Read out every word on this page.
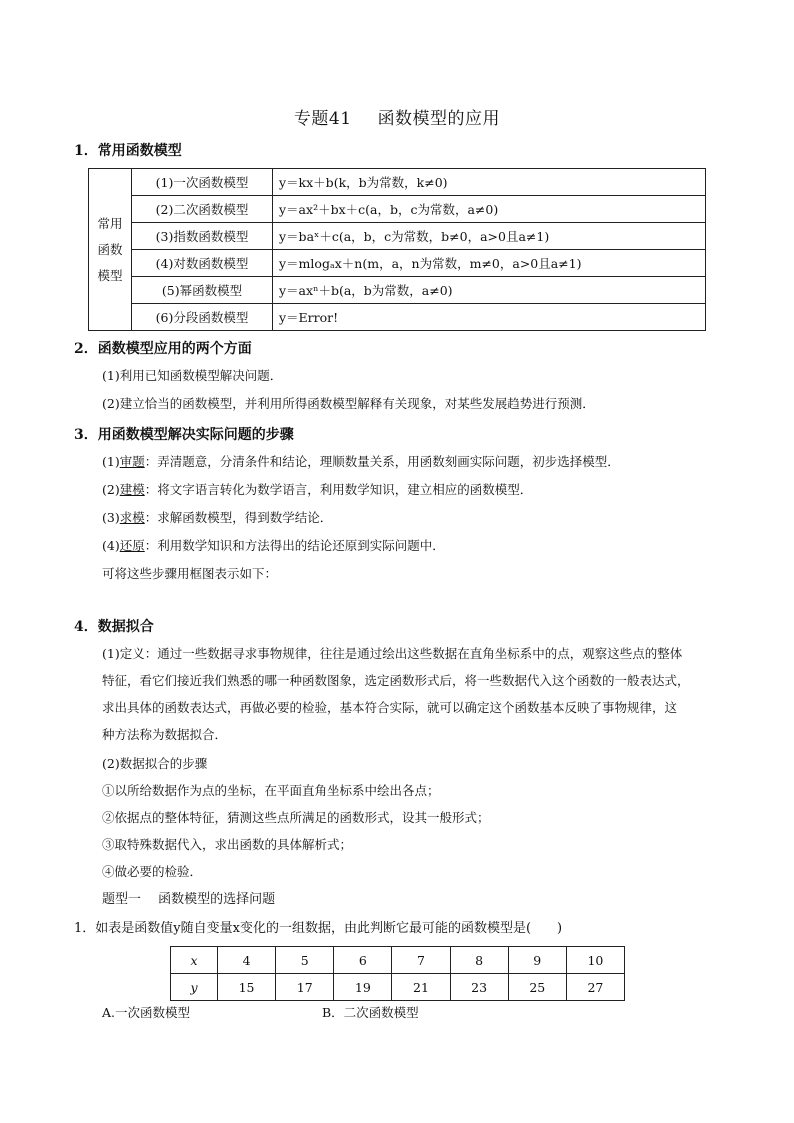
专题41 函数模型的应用
1．常用函数模型
常用
函数
模型	(1)一次函数模型	y＝kx＋b(k，b为常数，k≠0)
	(2)二次函数模型	y＝ax²＋bx＋c(a，b，c为常数，a≠0)
	(3)指数函数模型	y＝baˣ＋c(a，b，c为常数，b≠0，a>0且a≠1)
	(4)对数函数模型	y＝mlogₐx＋n(m，a，n为常数，m≠0，a>0且a≠1)
	(5)幂函数模型	y＝axⁿ＋b(a，b为常数，a≠0)
	(6)分段函数模型	y＝Error!
2．函数模型应用的两个方面
(1)利用已知函数模型解决问题．
(2)建立恰当的函数模型，并利用所得函数模型解释有关现象，对某些发展趋势进行预测．
3．用函数模型解决实际问题的步骤
(1)审题：弄清题意，分清条件和结论，理顺数量关系，用函数刻画实际问题，初步选择模型．
(2)建模：将文字语言转化为数学语言，利用数学知识，建立相应的函数模型．
(3)求模：求解函数模型，得到数学结论．
(4)还原：利用数学知识和方法得出的结论还原到实际问题中．
可将这些步骤用框图表示如下：
4．数据拟合
(1)定义：通过一些数据寻求事物规律，往往是通过绘出这些数据在直角坐标系中的点，观察这些点的整体
特征，看它们接近我们熟悉的哪一种函数图象，选定函数形式后，将一些数据代入这个函数的一般表达式，
求出具体的函数表达式，再做必要的检验，基本符合实际，就可以确定这个函数基本反映了事物规律，这
种方法称为数据拟合．
(2)数据拟合的步骤
①以所给数据作为点的坐标，在平面直角坐标系中绘出各点；
②依据点的整体特征，猜测这些点所满足的函数形式，设其一般形式；
③取特殊数据代入，求出函数的具体解析式；
④做必要的检验．
题型一　 函数模型的选择问题
1．如表是函数值y随自变量x变化的一组数据，由此判断它最可能的函数模型是(　　)
x	4	5	6	7	8	9	10
y	15	17	19	21	23	25	27
A.一次函数模型	B．二次函数模型
